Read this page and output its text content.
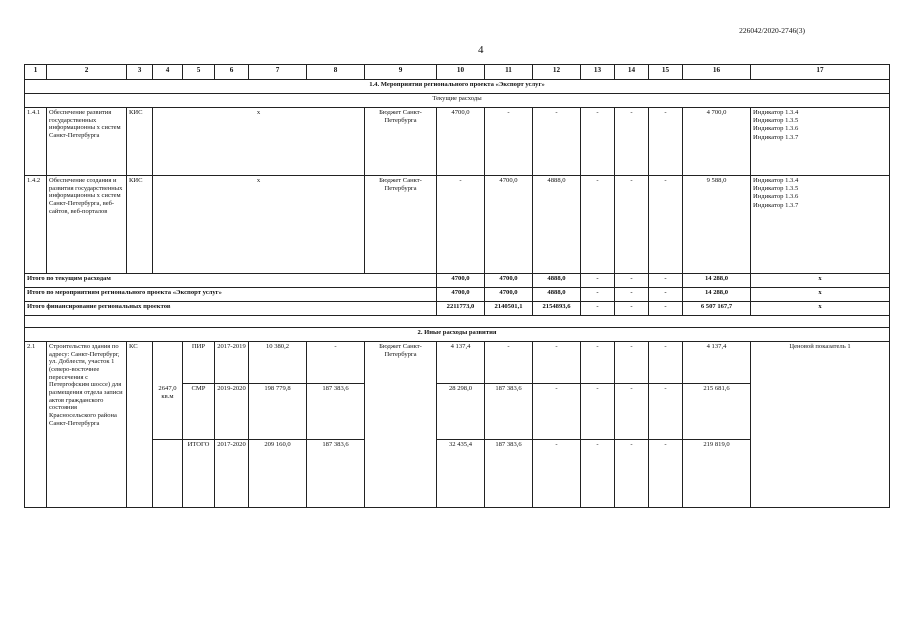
226042/2020-2746(3)
4
1	2	3	4	5	6	7	8	9	10	11	12	13	14	15	16	17
1.4. Мероприятия регионального проекта «Экспорт услуг»																
Текущие расходы																
1.4.1	Обеспечение развития государственных информационны х систем Санкт-Петербурга	КИС	х					Бюджет Санкт-Петербурга	4700,0	-	-	-	-	-	4 700,0	Индикатор 1.3.4
Индикатор 1.3.5
Индикатор 1.3.6
Индикатор 1.3.7

1.4.2	Обеспечение создания и развития государственных информационны х систем Санкт-Петербурга, веб-сайтов, веб-порталов	КИС	х					Бюджет Санкт-Петербурга	-	4700,0	4888,0	-	-	-	9 588,0	Индикатор 1.3.4
Индикатор 1.3.5
Индикатор 1.3.6
Индикатор 1.3.7

Итого по текущим расходам									4700,0	4700,0	4888,0	-	-	-	14 288,0	х
Итого по мероприятиям регионального проекта «Экспорт услуг»									4700,0	4700,0	4888,0	-	-	-	14 288,0	х
Итого финансирование региональных проектов									2211773,0	2140501,1	2154893,6	-	-	-	6 507 167,7	х

2. Иные расходы развития																
2.1	Строительство здания по адресу: Санкт-Петербург, ул. Доблести, участок 1 (северо-восточнее пересечения с Петергофским шоссе) для размещения отдела записи актов гражданского состояния Красносельского района Санкт-Петербурга	КС		ПИР	2017-2019	10 380,2	-	Бюджет Санкт-Петербурга	4 137,4	-	-	-	-	-	4 137,4	Ценовой показатель 1
			2647,0 кв.м	СМР	2019-2020	198 779,8	187 383,6		28 298,0	187 383,6	-	-	-	-	215 681,6	
				ИТОГО	2017-2020	209 160,0	187 383,6		32 435,4	187 383,6	-	-	-	-	219 819,0	
